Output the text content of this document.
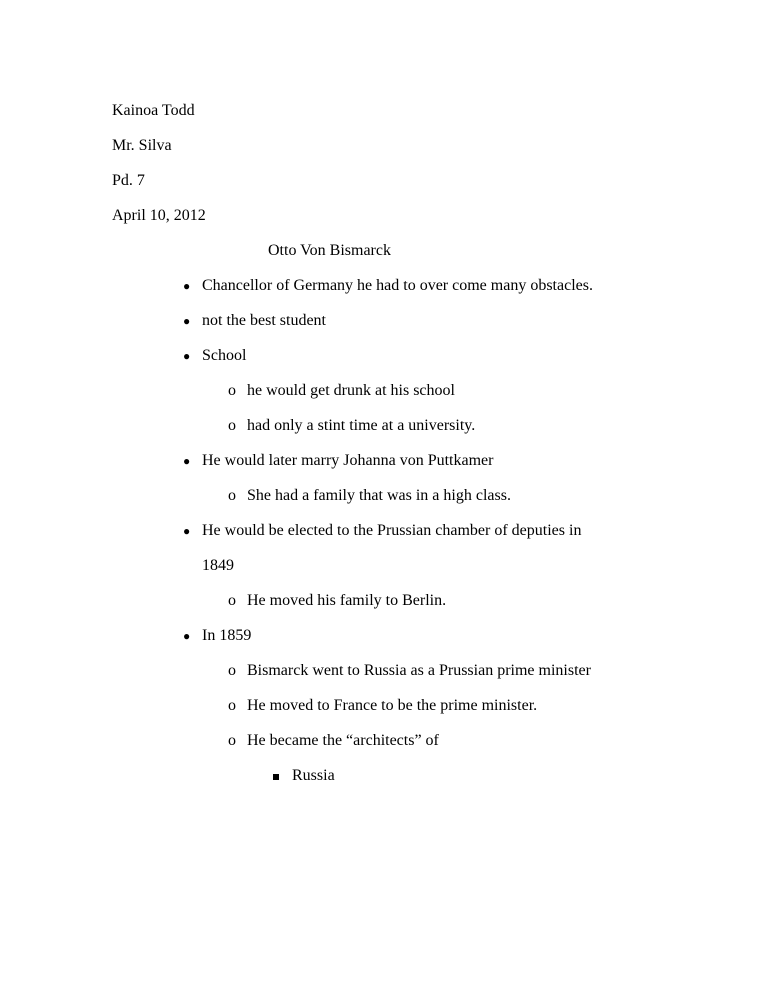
Kainoa Todd
Mr. Silva
Pd. 7
April 10, 2012
Otto Von Bismarck
● Chancellor of Germany he had to over come many obstacles.
● not the best student
● School
o he would get drunk at his school
o had only a stint time at a university.
● He would later marry Johanna von Puttkamer
o She had a family that was in a high class.
● He would be elected to the Prussian chamber of deputies in
1849
o He moved his family to Berlin.
● In 1859
o Bismarck went to Russia as a Prussian prime minister
o He moved to France to be the prime minister.
o He became the “architects” of
Russia
